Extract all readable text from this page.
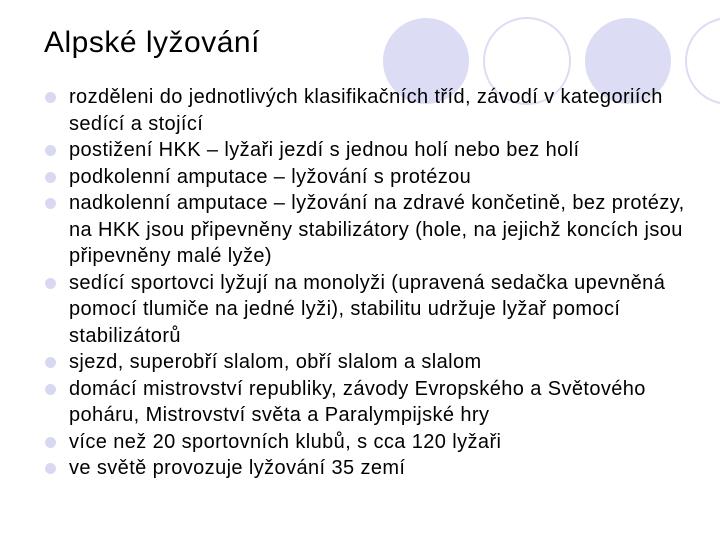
Alpské lyžování
rozděleni do jednotlivých klasifikačních tříd, závodí v kategoriích sedící a stojící
postižení HKK – lyžaři jezdí s jednou holí nebo bez holí
podkolenní amputace – lyžování s protézou
nadkolenní amputace – lyžování na zdravé končetině, bez protézy, na HKK jsou připevněny stabilizátory (hole, na jejichž koncích jsou připevněny malé lyže)
sedící sportovci lyžují na monolyži (upravená sedačka upevněná pomocí tlumiče na jedné lyži), stabilitu udržuje lyžař pomocí stabilizátorů
sjezd, superobří slalom, obří slalom a slalom
domácí mistrovství republiky, závody Evropského a Světového poháru, Mistrovství světa a Paralympijské hry
více než 20 sportovních klubů, s cca 120 lyžaři
ve světě provozuje lyžování 35 zemí
